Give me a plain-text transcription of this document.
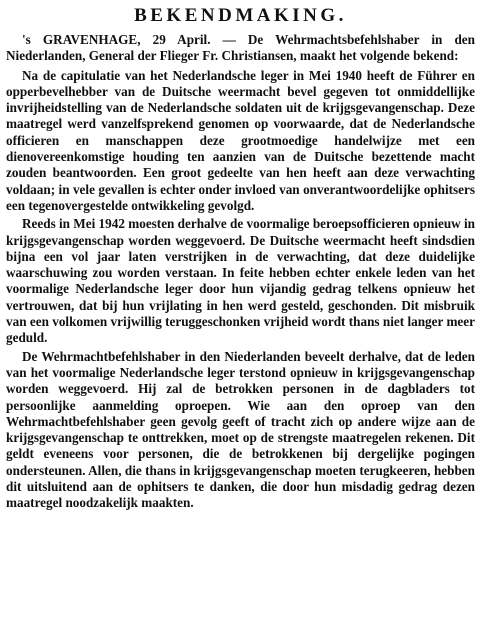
BEKENDMAKING.

's GRAVENHAGE, 29 April. — De Wehrmachtsbefehlshaber in den Niederlanden, General der Flieger Fr. Christiansen, maakt het volgende bekend:

Na de capitulatie van het Nederlandsche leger in Mei 1940 heeft de Führer en opperbevelhebber van de Duitsche weermacht bevel gegeven tot onmiddellijke invrijheidstelling van de Nederlandsche soldaten uit de krijgsgevangenschap. Deze maatregel werd vanzelfsprekend genomen op voorwaarde, dat de Nederlandsche officieren en manschappen deze grootmoedige handelwijze met een dienovereenkomstige houding ten aanzien van de Duitsche bezettende macht zouden beantwoorden. Een groot gedeelte van hen heeft aan deze verwachting voldaan; in vele gevallen is echter onder invloed van onverantwoordelijke ophitsers een tegenovergestelde ontwikkeling gevolgd.

Reeds in Mei 1942 moesten derhalve de voormalige beroepsofficieren opnieuw in krijgsgevangenschap worden weggevoerd. De Duitsche weermacht heeft sindsdien bijna een vol jaar laten verstrijken in de verwachting, dat deze duidelijke waarschuwing zou worden verstaan. In feite hebben echter enkele leden van het voormalige Nederlandsche leger door hun vijandig gedrag telkens opnieuw het vertrouwen, dat bij hun vrijlating in hen werd gesteld, geschonden. Dit misbruik van een volkomen vrijwillig teruggeschonken vrijheid wordt thans niet langer meer geduld.

De Wehrmachtbefehlshaber in den Niederlanden beveelt derhalve, dat de leden van het voormalige Nederlandsche leger terstond opnieuw in krijgsgevangenschap worden weggevoerd. Hij zal de betrokken personen in de dagbladers tot persoonlijke aanmelding oproepen. Wie aan den oproep van den Wehrmachtbefehlshaber geen gevolg geeft of tracht zich op andere wijze aan de krijgsgevangenschap te onttrekken, moet op de strengste maatregelen rekenen. Dit geldt eveneens voor personen, die de betrokkenen bij dergelijke pogingen ondersteunen. Allen, die thans in krijgsgevangenschap moeten terugkeeren, hebben dit uitsluitend aan de ophitsers te danken, die door hun misdadig gedrag dezen maatregel noodzakelijk maakten.
